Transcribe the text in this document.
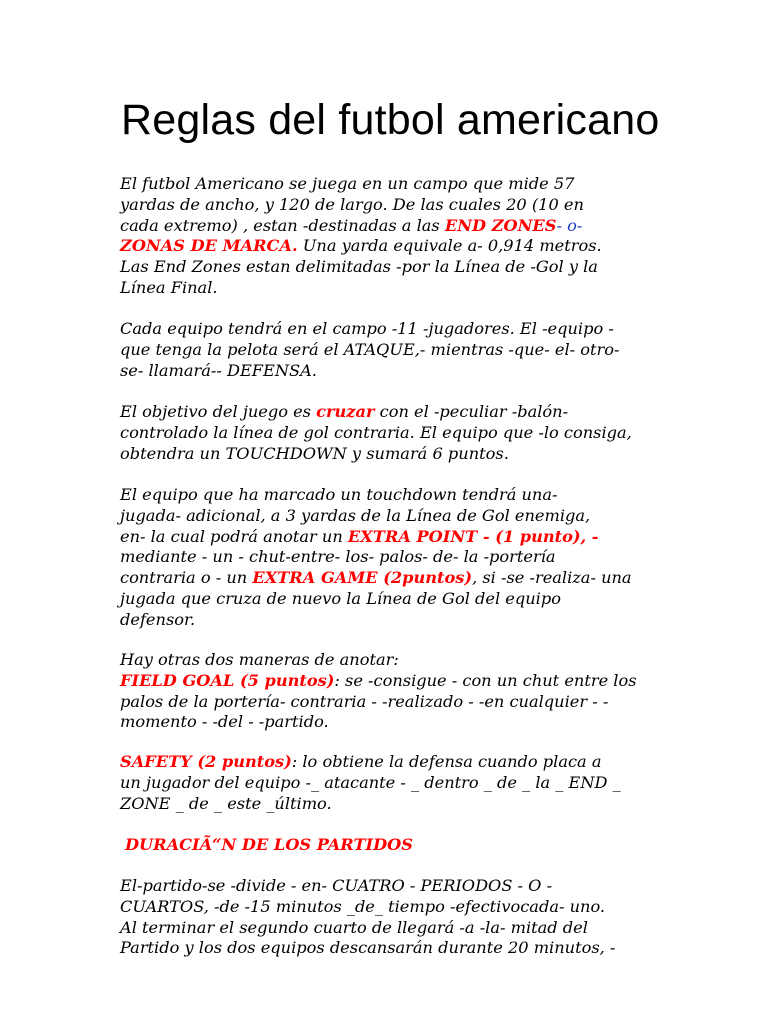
Reglas del futbol americano
El futbol Americano se juega en un campo que mide 57
yardas de ancho, y 120 de largo. De las cuales 20 (10 en
cada extremo) , estan -destinadas a las END ZONES- o-
ZONAS DE MARCA. Una yarda equivale a- 0,914 metros.
Las End Zones estan delimitadas -por la Línea de -Gol y la
Línea Final.
Cada equipo tendrá en el campo -11 -jugadores. El -equipo -
que tenga la pelota será el ATAQUE,- mientras -que- el- otro-
se- llamará-- DEFENSA.
El objetivo del juego es cruzar con el -peculiar -balón-
controlado la línea de gol contraria. El equipo que -lo consiga,
obtendra un TOUCHDOWN y sumará 6 puntos.
El equipo que ha marcado un touchdown tendrá una-
jugada- adicional, a 3 yardas de la Línea de Gol enemiga,
en- la cual podrá anotar un EXTRA POINT - (1 punto), -
mediante - un - chut-entre- los- palos- de- la -portería
contraria o - un EXTRA GAME (2puntos), si -se -realiza- una
jugada que cruza de nuevo la Línea de Gol del equipo
defensor.
Hay otras dos maneras de anotar:
FIELD GOAL (5 puntos): se -consigue - con un chut entre los
palos de la portería- contraria - -realizado - -en cualquier - -
momento - -del - -partido.
SAFETY (2 puntos): lo obtiene la defensa cuando placa a
un jugador del equipo -_ atacante - _ dentro _ de _ la _ END _
ZONE _ de _ este _último.
DURACIÃ“N DE LOS PARTIDOS
El-partido-se -divide - en- CUATRO - PERIODOS - O -
CUARTOS, -de -15 minutos _de_ tiempo -efectivocada- uno.
Al terminar el segundo cuarto de llegará -a -la- mitad del
Partido y los dos equipos descansarán durante 20 minutos, -
